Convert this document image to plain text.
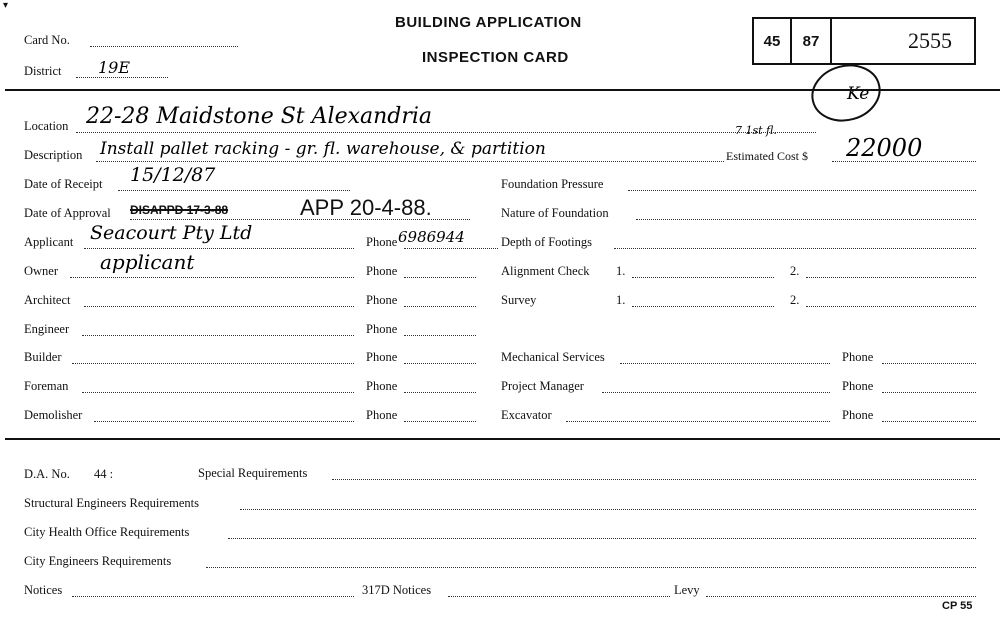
▾
Card No.
District 19E
BUILDING APPLICATION
INSPECTION CARD
45	87	2555
Ke
Location 22-28 Maidstone St Alexandria
Description Install pallet racking - gr. fl. warehouse, & partition
7 1st fl.
Estimated Cost $ 22000
Date of Receipt 15/12/87
Date of Approval DISAPPD 17-3-88	APP 20-4-88.
Applicant Seacourt Pty Ltd	Phone 6986944
Owner applicant	Phone
Architect	Phone
Engineer	Phone
Builder	Phone
Foreman	Phone
Demolisher	Phone
Foundation Pressure
Nature of Foundation
Depth of Footings
Alignment Check 1.	2.
Survey	1.	2.
Mechanical Services	Phone
Project Manager	Phone
Excavator	Phone
D.A. No. 44 :	Special Requirements
Structural Engineers Requirements
City Health Office Requirements
City Engineers Requirements
Notices	317D Notices	Levy
CP 55
